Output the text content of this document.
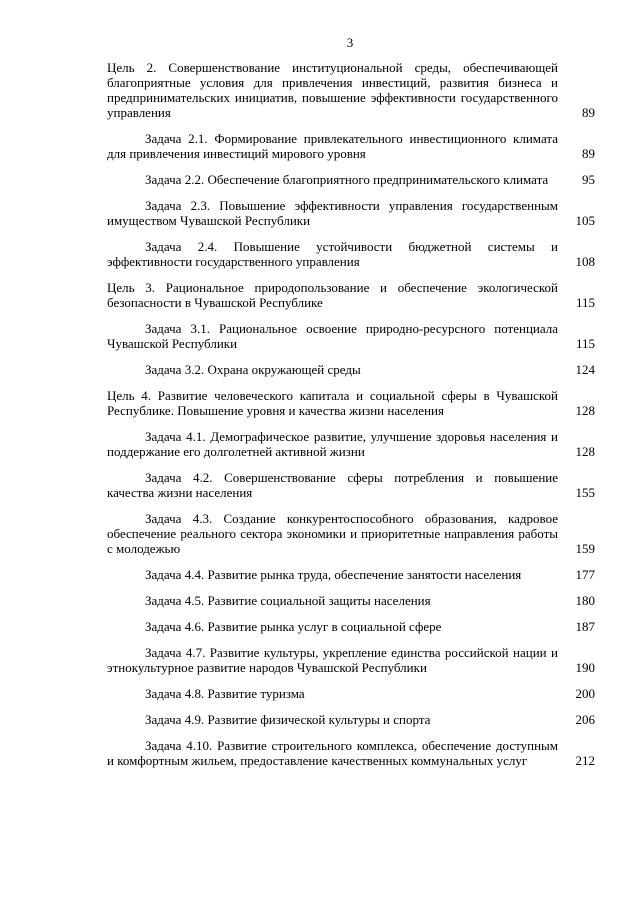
3
Цель 2. Совершенствование институциональной среды, обеспечивающей благоприятные условия для привлечения инвестиций, развития бизнеса и предпринимательских инициатив, повышение эффективности государственного управления	89
Задача 2.1. Формирование привлекательного инвестиционного климата для привлечения инвестиций мирового уровня	89
Задача 2.2. Обеспечение благоприятного предпринимательского климата	95
Задача 2.3. Повышение эффективности управления государственным имуществом Чувашской Республики	105
Задача 2.4. Повышение устойчивости бюджетной системы и эффективности государственного управления	108
Цель 3. Рациональное природопользование и обеспечение экологической безопасности в Чувашской Республике	115
Задача 3.1. Рациональное освоение природно-ресурсного потенциала Чувашской Республики	115
Задача 3.2. Охрана окружающей среды	124
Цель 4. Развитие человеческого капитала и социальной сферы в Чувашской Республике. Повышение уровня и качества жизни населения	128
Задача 4.1. Демографическое развитие, улучшение здоровья населения и поддержание его долголетней активной жизни	128
Задача 4.2. Совершенствование сферы потребления и повышение качества жизни населения	155
Задача 4.3. Создание конкурентоспособного образования, кадровое обеспечение реального сектора экономики и приоритетные направления работы с молодежью	159
Задача 4.4. Развитие рынка труда, обеспечение занятости населения	177
Задача 4.5. Развитие социальной защиты населения	180
Задача 4.6. Развитие рынка услуг в социальной сфере	187
Задача 4.7. Развитие культуры, укрепление единства российской нации и этнокультурное развитие народов Чувашской Республики	190
Задача 4.8. Развитие туризма	200
Задача 4.9. Развитие физической культуры и спорта	206
Задача 4.10. Развитие строительного комплекса, обеспечение доступным и комфортным жильем, предоставление качественных коммунальных услуг	212
